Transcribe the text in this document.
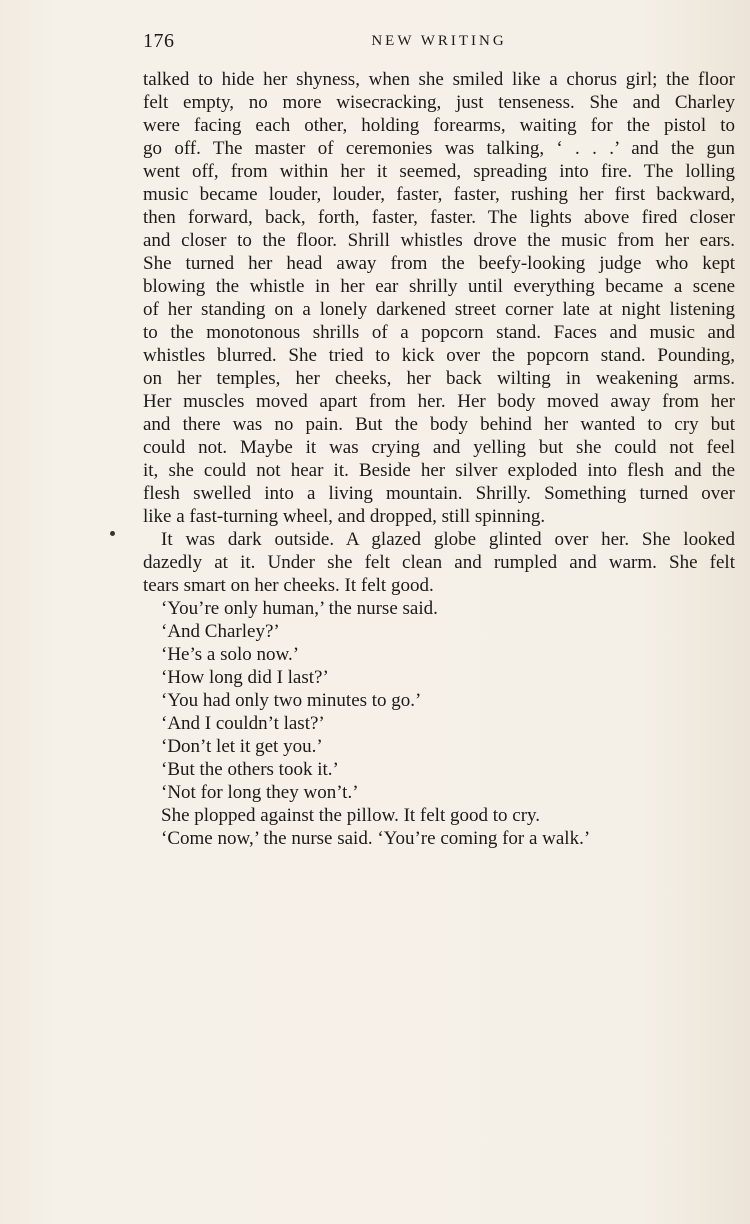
176	NEW WRITING
talked to hide her shyness, when she smiled like a chorus girl; the floor
felt empty, no more wisecracking, just tenseness. She and Charley
were facing each other, holding forearms, waiting for the pistol to
go off. The master of ceremonies was talking, ‘ . . .’ and the gun
went off, from within her it seemed, spreading into fire. The lolling
music became louder, louder, faster, faster, rushing her first backward,
then forward, back, forth, faster, faster. The lights above fired closer
and closer to the floor. Shrill whistles drove the music from her ears.
She turned her head away from the beefy-looking judge who kept
blowing the whistle in her ear shrilly until everything became a scene
of her standing on a lonely darkened street corner late at night listening
to the monotonous shrills of a popcorn stand. Faces and music and
whistles blurred. She tried to kick over the popcorn stand. Pounding,
on her temples, her cheeks, her back wilting in weakening arms.
Her muscles moved apart from her. Her body moved away from her
and there was no pain. But the body behind her wanted to cry but
could not. Maybe it was crying and yelling but she could not feel
it, she could not hear it. Beside her silver exploded into flesh and the
flesh swelled into a living mountain. Shrilly. Something turned over
like a fast-turning wheel, and dropped, still spinning.
It was dark outside. A glazed globe glinted over her. She looked
dazedly at it. Under she felt clean and rumpled and warm. She felt
tears smart on her cheeks. It felt good.
‘You’re only human,’ the nurse said.
‘And Charley?’
‘He’s a solo now.’
‘How long did I last?’
‘You had only two minutes to go.’
‘And I couldn’t last?’
‘Don’t let it get you.’
‘But the others took it.’
‘Not for long they won’t.’
She plopped against the pillow. It felt good to cry.
‘Come now,’ the nurse said. ‘You’re coming for a walk.’
